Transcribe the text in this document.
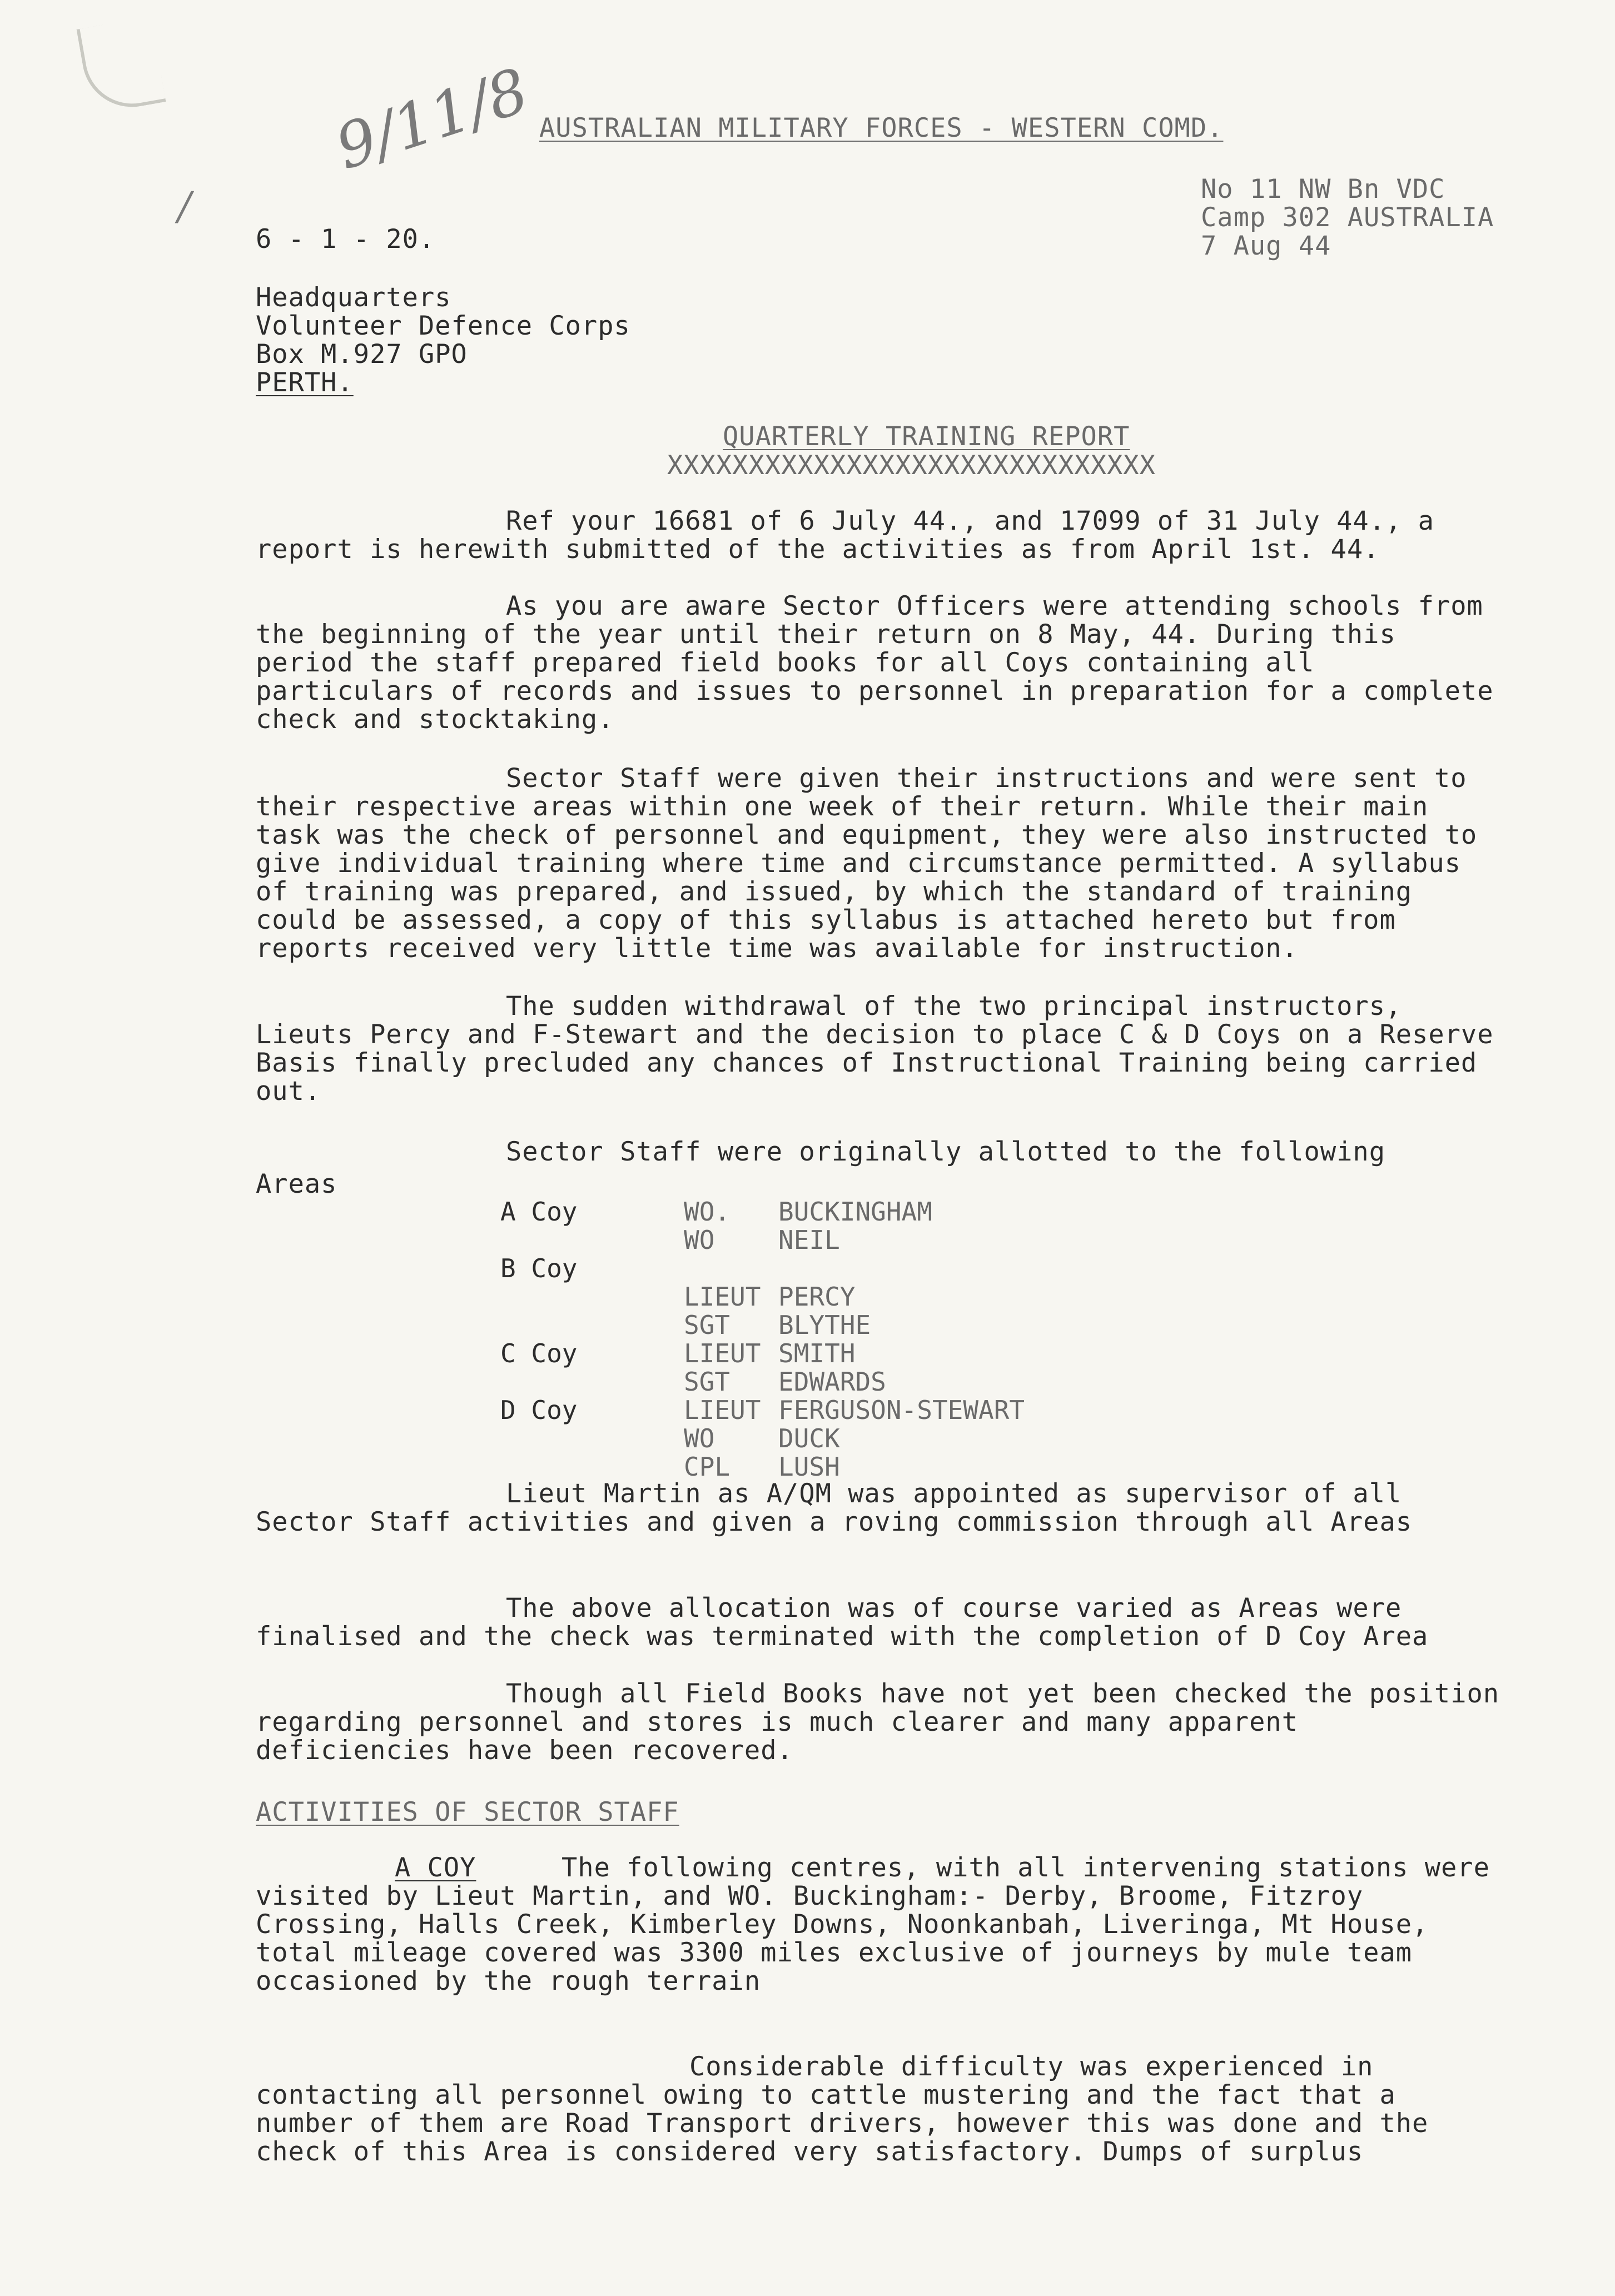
9/11/8
/
AUSTRALIAN MILITARY FORCES - WESTERN COMD.
No 11 NW Bn VDC
Camp 302 AUSTRALIA
7 Aug 44
6 - 1 - 20.
Headquarters
Volunteer Defence Corps
Box M.927 GPO
PERTH.
QUARTERLY TRAINING REPORT
XXXXXXXXXXXXXXXXXXXXXXXXXXXXXX

Ref your 16681 of 6 July 44., and 17099 of 31 July 44., a report is herewith submitted of the activities as from April 1st. 44.

As you are aware Sector Officers were attending schools from the beginning of the year until their return on 8 May, 44. During this period the staff prepared field books for all Coys containing all particulars of records and issues to personnel in preparation for a complete check and stocktaking.

Sector Staff were given their instructions and were sent to their respective areas within one week of their return. While their main task was the check of personnel and equipment, they were also instructed to give individual training where time and circumstance permitted. A syllabus of training was prepared, and issued, by which the standard of training could be assessed, a copy of this syllabus is attached hereto but from reports received very little time was available for instruction.

The sudden withdrawal of the two principal instructors, Lieuts Percy and F-Stewart and the decision to place C & D Coys on a Reserve Basis finally precluded any chances of Instructional Training being carried out.

Sector Staff were originally allotted to the following
Areas
A Coy	WO.	BUCKINGHAM
WO	NEIL
B Coy
LIEUT PERCY
SGT	BLYTHE
C Coy	LIEUT SMITH
SGT	EDWARDS
D Coy	LIEUT FERGUSON-STEWART
WO	DUCK
CPL	LUSH

Lieut Martin as A/QM was appointed as supervisor of all Sector Staff activities and given a roving commission through all Areas

The above allocation was of course varied as Areas were finalised and the check was terminated with the completion of D Coy Area

Though all Field Books have not yet been checked the position regarding personnel and stores is much clearer and many apparent deficiencies have been recovered.

ACTIVITIES OF SECTOR STAFF

A COY	The following centres, with all intervening stations were visited by Lieut Martin, and WO. Buckingham:- Derby, Broome, Fitzroy Crossing, Halls Creek, Kimberley Downs, Noonkanbah, Liveringa, Mt House, total mileage covered was 3300 miles exclusive of journeys by mule team occasioned by the rough terrain

Considerable difficulty was experienced in contacting all personnel owing to cattle mustering and the fact that a number of them are Road Transport drivers, however this was done and the check of this Area is considered very satisfactory. Dumps of surplus
